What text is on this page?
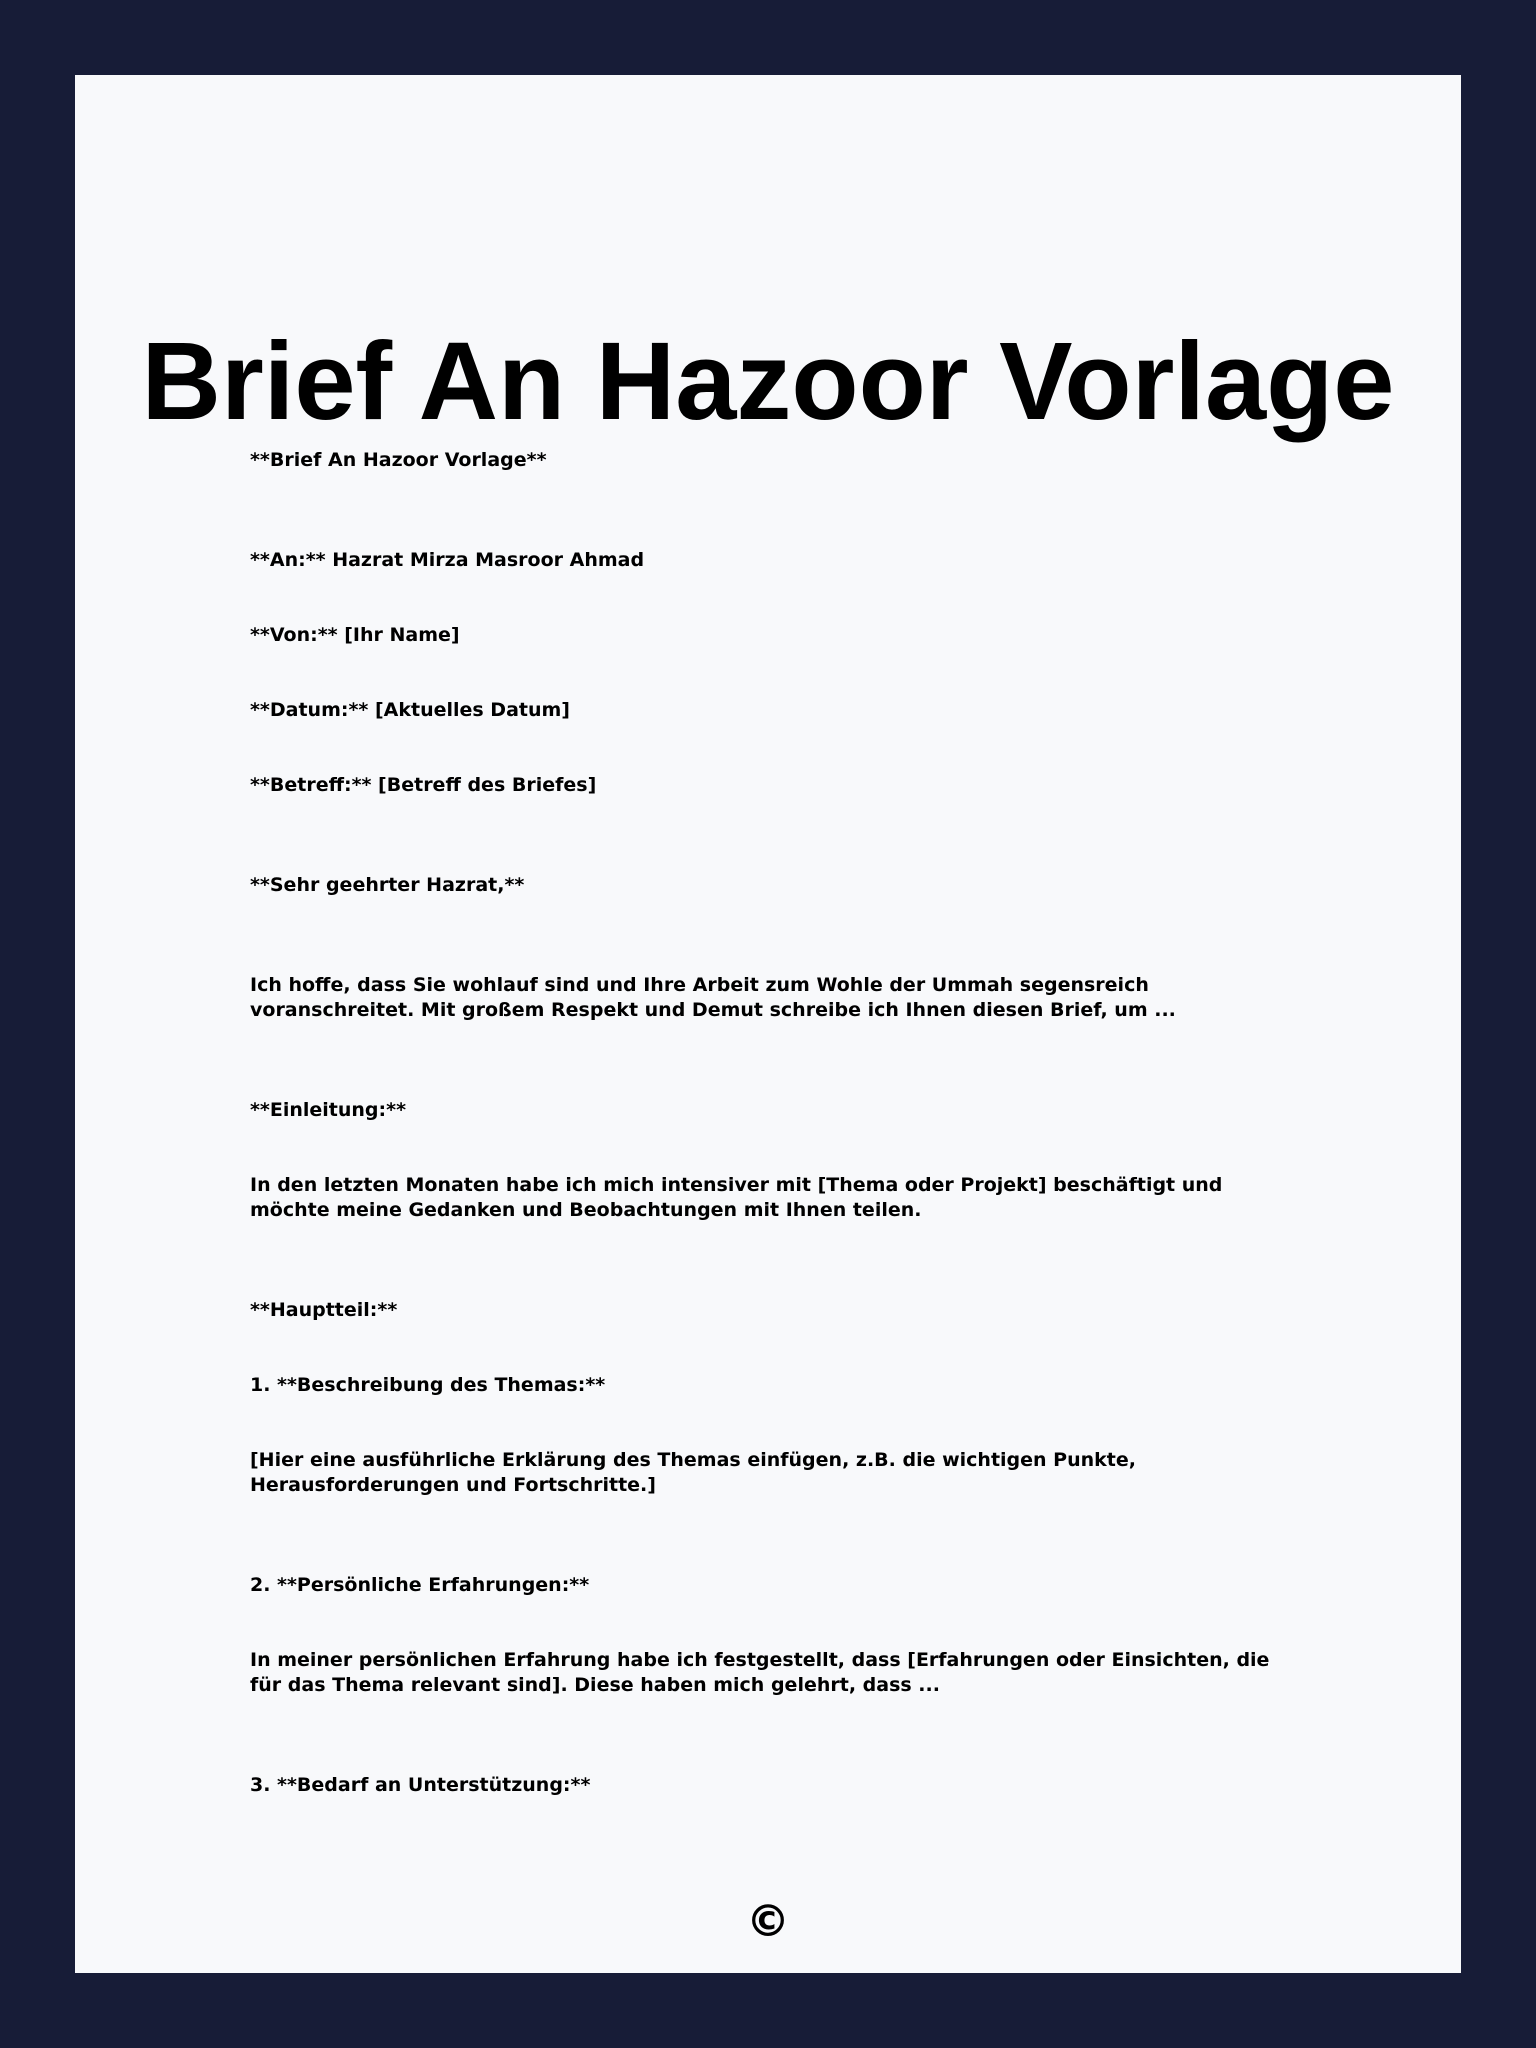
Brief An Hazoor Vorlage

**Brief An Hazoor Vorlage**

**An:** Hazrat Mirza Masroor Ahmad

**Von:** [Ihr Name]

**Datum:** [Aktuelles Datum]

**Betreff:** [Betreff des Briefes]

**Sehr geehrter Hazrat,**

Ich hoffe, dass Sie wohlauf sind und Ihre Arbeit zum Wohle der Ummah segensreich voranschreitet. Mit großem Respekt und Demut schreibe ich Ihnen diesen Brief, um ...

**Einleitung:**

In den letzten Monaten habe ich mich intensiver mit [Thema oder Projekt] beschäftigt und möchte meine Gedanken und Beobachtungen mit Ihnen teilen.

**Hauptteil:**

1. **Beschreibung des Themas:**

[Hier eine ausführliche Erklärung des Themas einfügen, z.B. die wichtigen Punkte, Herausforderungen und Fortschritte.]

2. **Persönliche Erfahrungen:**

In meiner persönlichen Erfahrung habe ich festgestellt, dass [Erfahrungen oder Einsichten, die für das Thema relevant sind]. Diese haben mich gelehrt, dass ...

3. **Bedarf an Unterstützung:**

©
